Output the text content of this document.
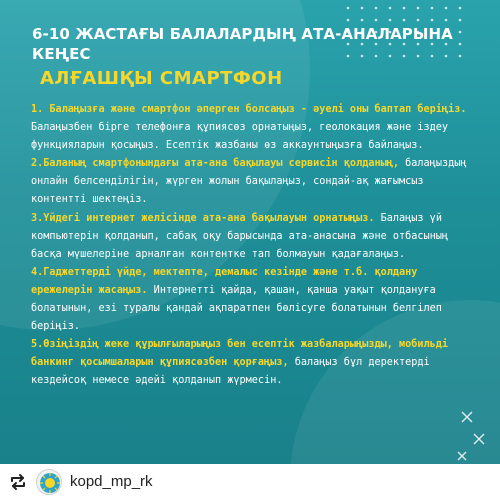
6-10 ЖАСТАҒЫ БАЛАЛАРДЫҢ АТА-АНАЛАРЫНА КЕҢЕС
АЛҒАШҚЫ СМАРТФОН

1. Балаңызға және смартфон әперген болсаңыз - әуелі оны баптап беріңіз. Балаңызбен бірге телефонға құпиясөз орнатыңыз, геолокация және іздеу функцияларын қосыңыз. Есептік жазбаны өз аккаунтыңызға байлаңыз.

2.Баланың смартфонындағы ата-ана бақылауы сервисін қолданың, балаңыздың онлайн белсенділігін, жүрген жолын бақылаңыз, сондай-ақ жағымсыз контентті шектеңіз.

3.Үйдегі интернет желісінде ата-ана бақылауын орнатыңыз. Балаңыз үй компьютерін қолданып, сабақ оқу барысында ата-анасына және отбасының басқа мүшелеріне арналған контентке тап болмауын қадағалаңыз.

4.Гаджеттерді үйде, мектепте, демалыс кезінде және т.б. қолдану ережелерін жасаңыз. Интернетті қайда, қашан, қанша уақыт қолдануға болатынын, езі туралы қандай ақпаратпен бөлісуге болатынын белгілеп беріңіз.

5.Өзіңіздің жеке құрылғыларыңыз бен есептік жазбаларыңызды, мобильді банкинг қосымшаларын құпиясөзбен қорғаңыз, балаңыз бұл деректерді кездейсоқ немесе әдейі қолданып жүрмесін.

kopd_mp_rk
